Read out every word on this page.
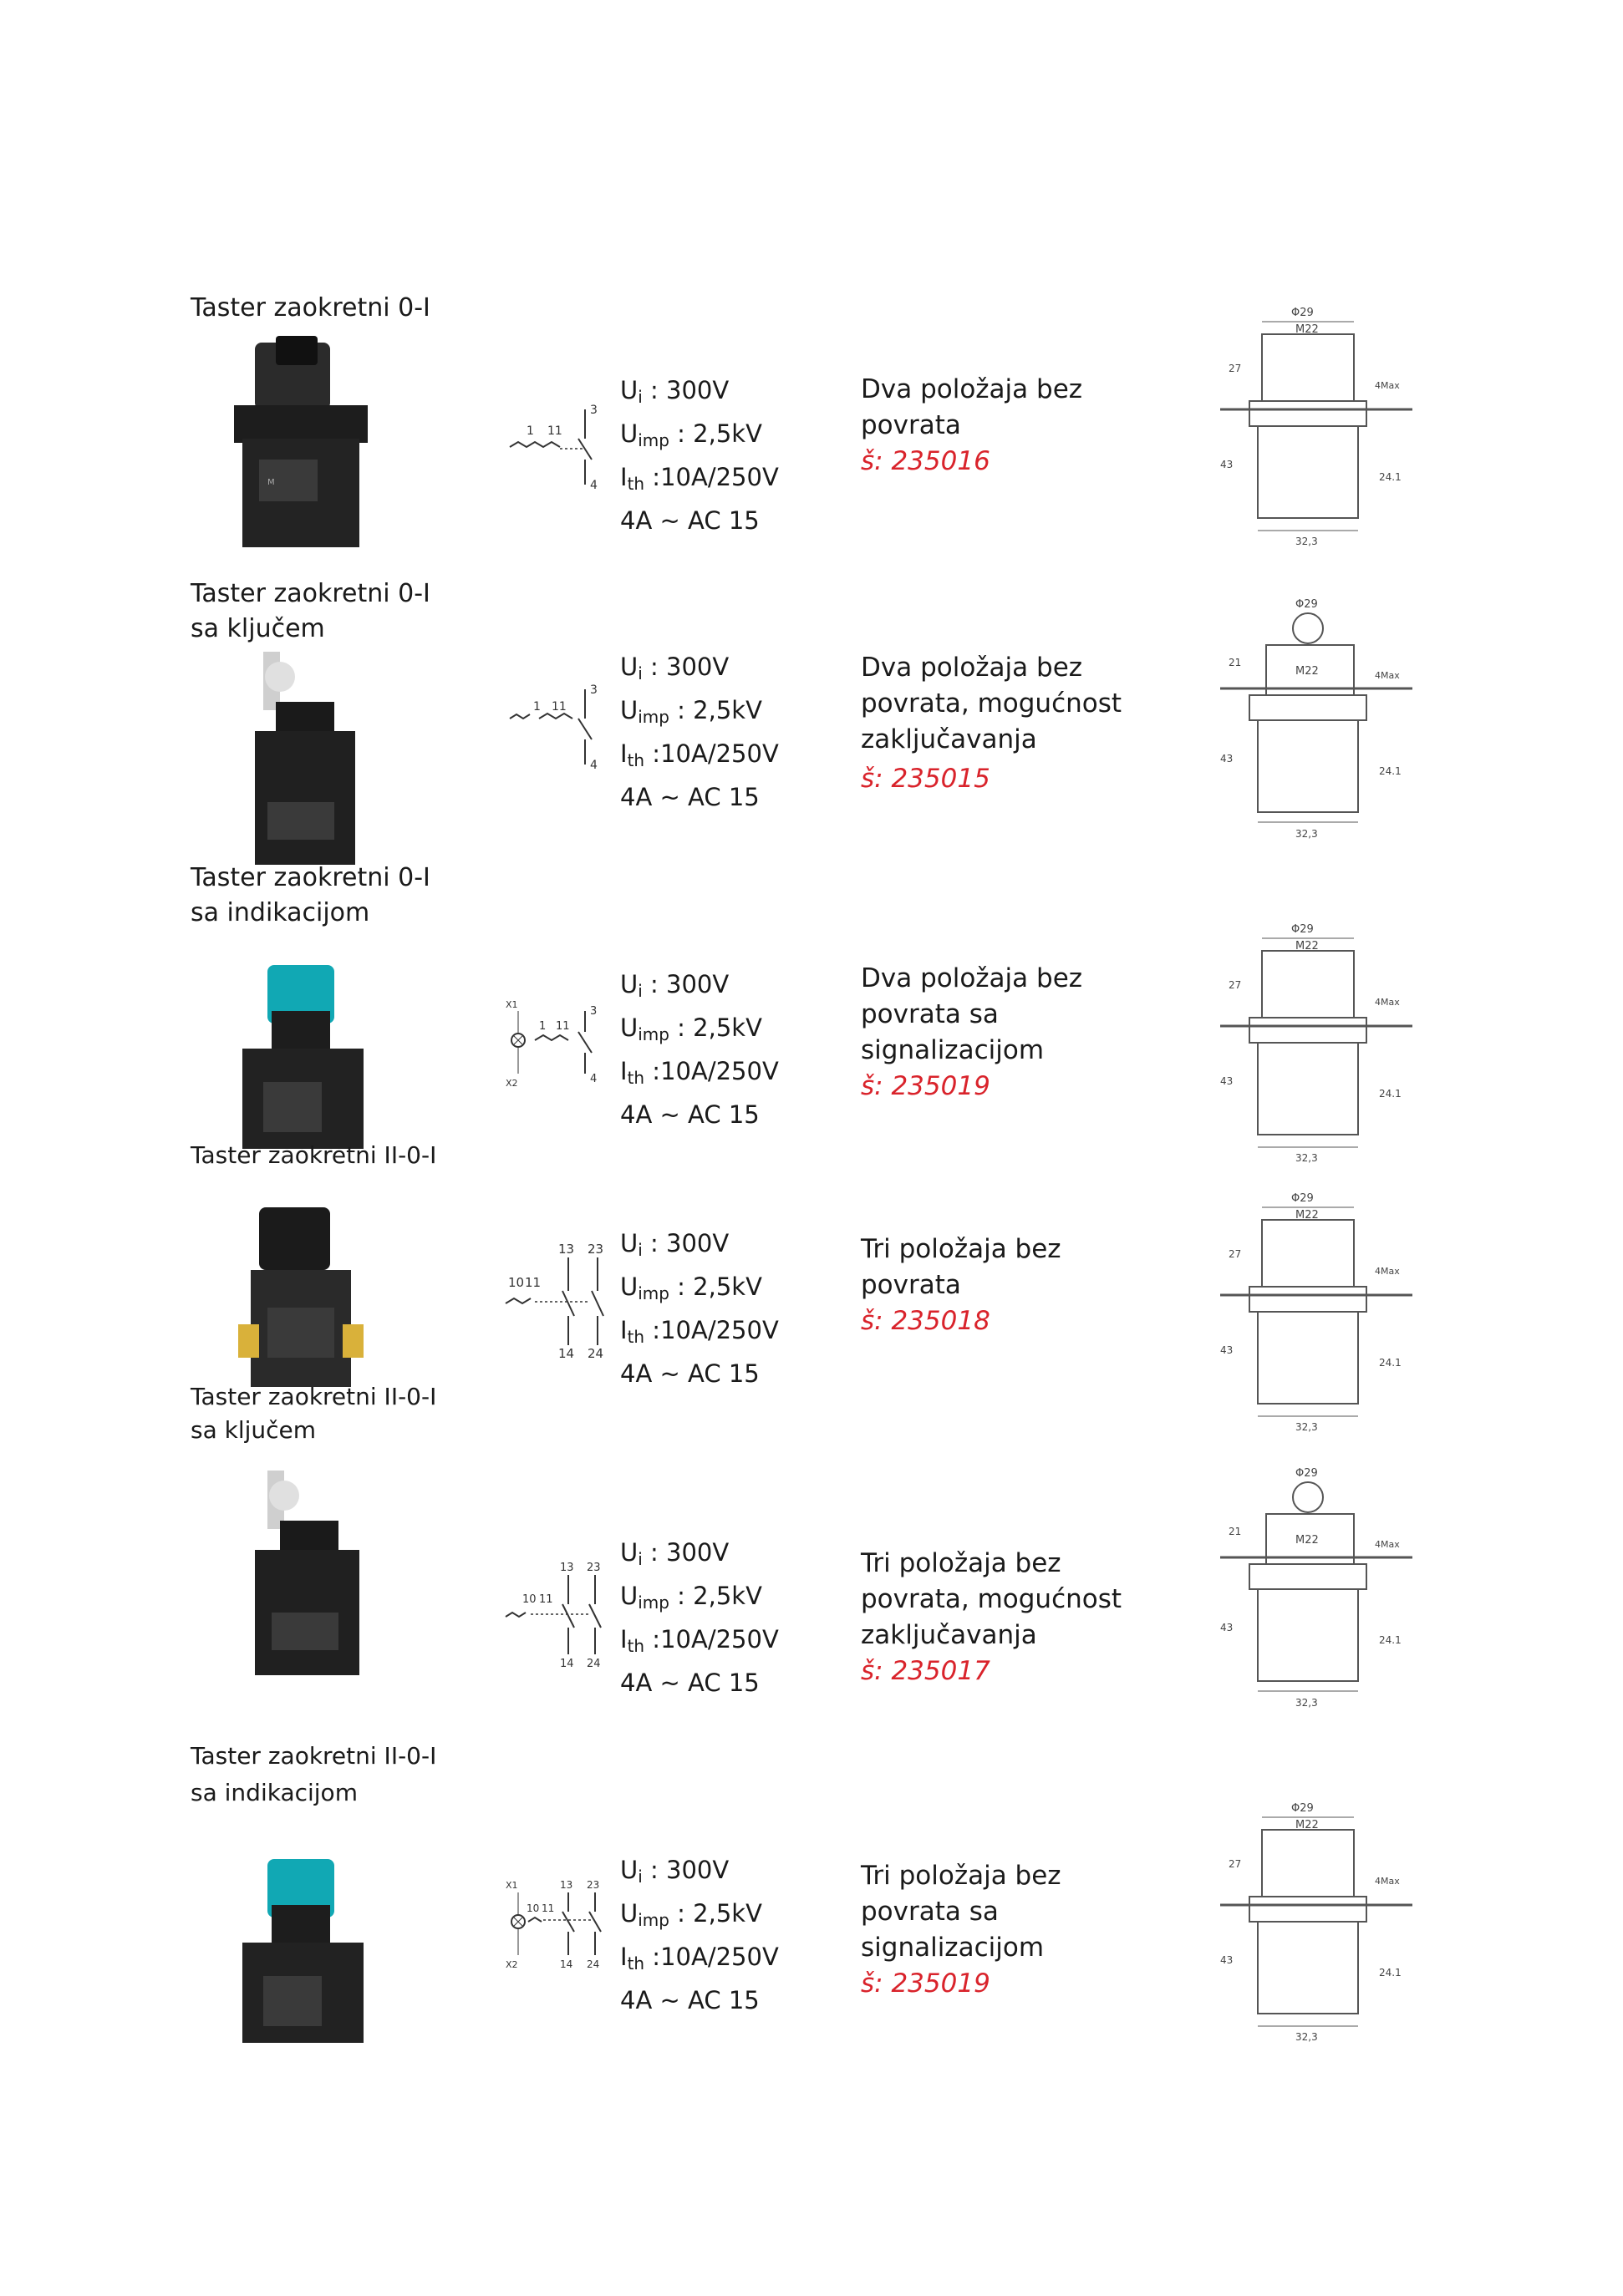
Taster zaokretni 0-I
M
1 11
3
4
$U_i$ : 300V
$U_{imp}$ : 2,5kV
$I_{th}$ :10A/250V
4A ~ AC 15
Dva položaja bez
povrata
š: 235016
Φ29
M22
27
43
24.1
4Max
32,3
Taster zaokretni 0-I
sa ključem
1 11
3
4
$U_i$ : 300V
$U_{imp}$ : 2,5kV
$I_{th}$ :10A/250V
4A ~ AC 15
Dva položaja bez
povrata, mogućnost
zaključavanja
š: 235015
Φ29
M22
21
43
24.1
4Max
32,3
Taster zaokretni 0-I
sa indikacijom
X1
X2
1 11
3
4
$U_i$ : 300V
$U_{imp}$ : 2,5kV
$I_{th}$ :10A/250V
4A ~ AC 15
Dva položaja bez
povrata sa
signalizacijom
š: 235019
Φ29
M22
27
43
24.1
4Max
32,3
Taster zaokretni II-0-I
10 11
13 23
14 24
$U_i$ : 300V
$U_{imp}$ : 2,5kV
$I_{th}$ :10A/250V
4A ~ AC 15
Tri položaja bez
povrata
š: 235018
Φ29
M22
27
43
24.1
4Max
32,3
Taster zaokretni II-0-I
sa ključem
10 11
13 23
14 24
$U_i$ : 300V
$U_{imp}$ : 2,5kV
$I_{th}$ :10A/250V
4A ~ AC 15
Tri položaja bez
povrata, mogućnost
zaključavanja
š: 235017
Φ29
M22
21
43
24.1
4Max
32,3
Taster zaokretni II-0-I
sa indikacijom
X1
X2
10 11
13 23
14 24
$U_i$ : 300V
$U_{imp}$ : 2,5kV
$I_{th}$ :10A/250V
4A ~ AC 15
Tri položaja bez
povrata sa
signalizacijom
š: 235019
Φ29
M22
27
43
24.1
4Max
32,3
